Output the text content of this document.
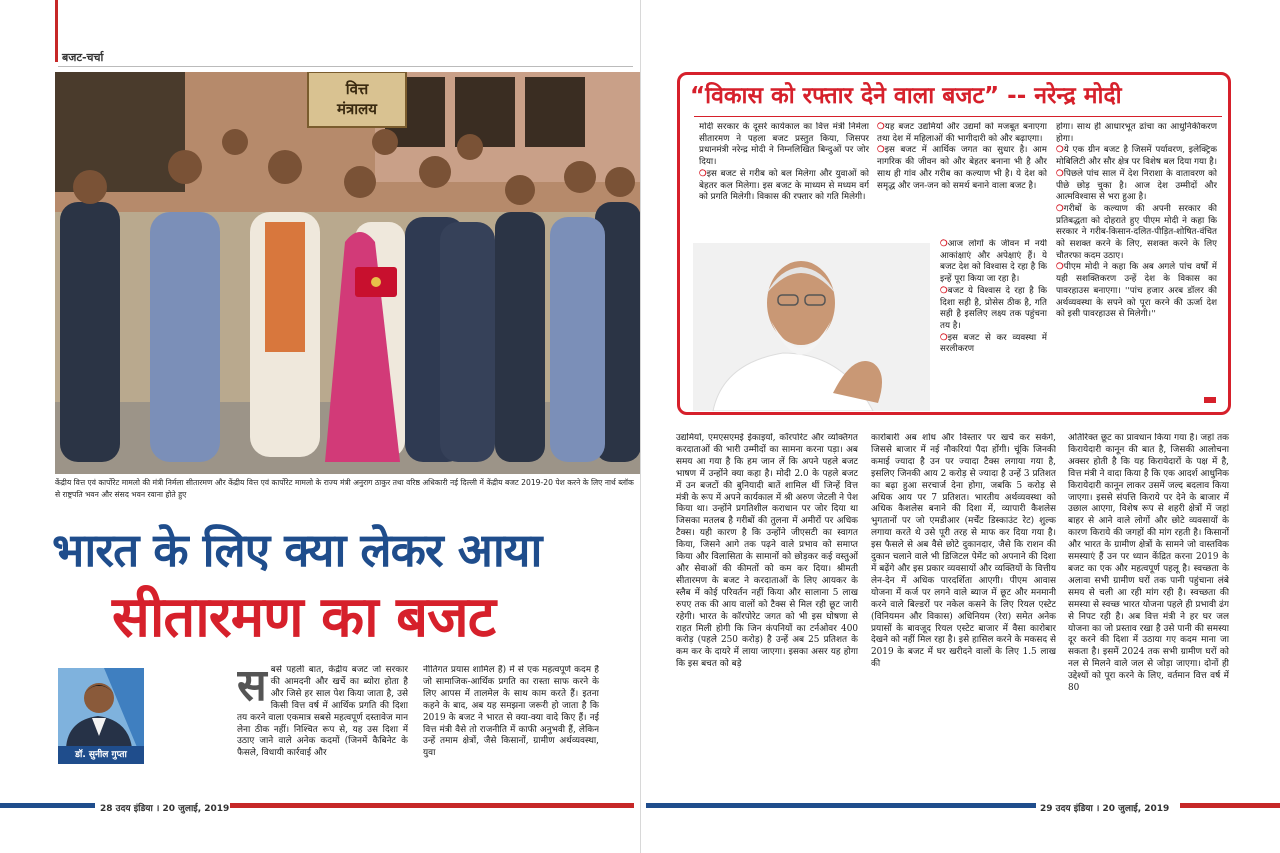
बजट-चर्चा
वित्त
मंत्रालय
केंद्रीय वित्त एवं कार्पोरेट मामलो की मंत्री निर्मला सीतारमण और केंद्रीय वित्त एवं कार्पोरेट मामलो के राज्य मंत्री अनुराग ठाकुर तथा वरिष्ठ अधिकारी नई दिल्ली में केंद्रीय बजट 2019-20 पेश करने के लिए नार्थ ब्लॉक से राष्ट्रपति भवन और संसद भवन रवाना होते हुए
भारत के लिए क्या लेकर आया
सीतारमण का बजट
डॉ. सुनील गुप्ता
स बसे पहली बात, केंद्रीय बजट जो सरकार की आमदनी और खर्चे का ब्योरा होता है और जिसे हर साल पेश किया जाता है, उसे किसी वित्त वर्ष में आर्थिक प्रगति की दिशा तय करने वाला एकमात्र सबसे महत्वपूर्ण दस्तावेज मान लेना ठीक नहीं। निश्चित रूप से, यह उस दिशा में उठाए जाने वाले अनेक कदमों (जिनमें कैबिनेट के फैसले, विधायी कार्रवाई और
नीतिगत प्रयास शामिल हैं) में से एक महत्वपूर्ण कदम है जो सामाजिक-आर्थिक प्रगति का रास्ता साफ करने के लिए आपस में तालमेल के साथ काम करते हैं। इतना कहने के बाद, अब यह समझना जरूरी हो जाता है कि 2019 के बजट ने भारत से क्या-क्या वादे किए हैं। नई वित्त मंत्री वैसे तो राजनीति में काफी अनुभवी हैं, लेकिन उन्हें तमाम क्षेत्रों, जैसे किसानों, ग्रामीण अर्थव्यवस्था, युवा
28 उदय इंडिया । 20 जुलाई, 2019
“विकास को रफ्तार देने वाला बजट” -- नरेन्द्र मोदी
मोदी सरकार के दूसरे कार्यकाल का वित्त मंत्री निर्मला सीतारमण ने पहला बजट प्रस्तुत किया, जिसपर प्रधानमंत्री नरेन्द्र मोदी ने निम्नलिखित बिन्दुओं पर जोर दिया।
❍ इस बजट से गरीब को बल मिलेगा और युवाओं को बेहतर कल मिलेगा। इस बजट के माध्यम से मध्यम वर्ग को प्रगति मिलेगी। विकास की रफ्तार को गति मिलेगी।
❍ यह बजट उद्यमियों और उद्यमों को मजबूत बनाएगा तथा देश में महिलाओं की भागीदारी को और बढ़ाएगा।
❍ इस बजट में आर्थिक जगत का सुधार है। आम नागरिक की जीवन को और बेहतर बनाना भी है और साथ ही गांव और गरीब का कल्याण भी है। ये देश को समृद्ध और जन-जन को समर्थ बनाने वाला बजट है।
❍ आज लोगों के जीवन में नयी आकांक्षाएं और अपेक्षाएं हैं। ये बजट देश को विश्वास दे रहा है कि इन्हें पूरा किया जा रहा है।
❍ बजट ये विश्वास दे रहा है कि दिशा सही है, प्रोसेस ठीक है, गति सही है इसलिए लक्ष्य तक पहुंचना तय है।
❍ इस बजट से कर व्यवस्था में सरलीकरण
होगा। साथ ही आधारभूत ढांचा का आधुनिकीकरण होगा।
❍ ये एक ग्रीन बजट है जिसमें पर्यावरण, इलेक्ट्रिक मोबिलिटी और सौर क्षेत्र पर विशेष बल दिया गया है।
❍ पिछले पांच साल में देश निराशा के वातावरण को पीछे छोड़ चुका है। आज देश उम्मीदों और आत्मविश्वास से भरा हुआ है।
❍ गरीबों के कल्याण की अपनी सरकार की प्रतिबद्धता को दोहराते हुए पीएम मोदी ने कहा कि सरकार ने गरीब-किसान-दलित-पीड़ित-शोषित-वंचित को सशक्त करने के लिए, सशक्त करने के लिए चौतरफा कदम उठाए।
❍ पीएम मोदी ने कहा कि अब अगले पांच वर्षों में यही सशक्तिकरण उन्हें देश के विकास का पावरहाउस बनाएगा। ''पांच हजार अरब डॉलर की अर्थव्यवस्था के सपने को पूरा करने की ऊर्जा देश को इसी पावरहाउस से मिलेगी।''
उद्यमियों, एमएसएमई ईकाइयों, कॉरपोरेट और व्यक्तिगत करदाताओं की भारी उम्मीदों का सामना करना पड़ा। अब समय आ गया है कि हम जान लें कि अपने पहले बजट भाषण में उन्होंने क्या कहा है। मोदी 2.0 के पहले बजट में उन बजटों की बुनियादी बातें शामिल थीं जिन्हें वित्त मंत्री के रूप में अपने कार्यकाल में श्री अरुण जेटली ने पेश किया था। उन्होंने प्रगतिशील कराधान पर जोर दिया था जिसका मतलब है गरीबों की तुलना में अमीरों पर अधिक टैक्स। यही कारण है कि उन्होंने जीएसटी का स्वागत किया, जिसने आगे तक पढ़ने वाले प्रभाव को समाप्त किया और विलासिता के सामानों को छोड़कर कई वस्तुओं और सेवाओं की कीमतों को कम कर दिया। श्रीमती सीतारमण के बजट ने करदाताओं के लिए आयकर के स्लैब में कोई परिवर्तन नहीं किया और सालाना 5 लाख रुपए तक की आय वालों को टैक्स से मिल रही छूट जारी रहेगी। भारत के कॉरपोरेट जगत को भी इस घोषणा से राहत मिली होगी कि जिन कंपनियों का टर्नओवर 400 करोड़ (पहले 250 करोड़) है उन्हें अब 25 प्रतिशत के कम कर के दायरे में लाया जाएगा। इसका असर यह होगा कि इस बचत को बड़े
कारोबारी अब शोध और विस्तार पर खर्च कर सकेंगे, जिससे बाजार में नई नौकरियां पैदा होंगी। चूंकि जिनकी कमाई ज्यादा है उन पर ज्यादा टैक्स लगाया गया है, इसलिए जिनकी आय 2 करोड़ से ज्यादा है उन्हें 3 प्रतिशत का बढ़ा हुआ सरचार्ज देना होगा, जबकि 5 करोड़ से अधिक आय पर 7 प्रतिशत। भारतीय अर्थव्यवस्था को अधिक कैशलेस बनाने की दिशा में, व्यापारी कैशलेस भुगतानों पर जो एमडीआर (मर्चेंट डिस्काउंट रेट) शुल्क लगाया करते थे उसे पूरी तरह से माफ कर दिया गया है। इस फैसले से अब वैसे छोटे दुकानदार, जैसे कि राशन की दुकान चलाने वाले भी डिजिटल पेमेंट को अपनाने की दिशा में बढ़ेंगे और इस प्रकार व्यवसायों और व्यक्तियों के वित्तीय लेन-देन में अधिक पारदर्शिता आएगी। पीएम आवास योजना में कर्ज पर लगने वाले ब्याज में छूट और मनमानी करने वाले बिल्डरों पर नकेल कसने के लिए रियल एस्टेट (विनियमन और विकास) अधिनियम (रेरा) समेत अनेक प्रयासों के बावजूद रियल एस्टेट बाजार में वैसा कारोबार देखने को नहीं मिल रहा है। इसे हासिल करने के मकसद से 2019 के बजट में घर खरीदने वालों के लिए 1.5 लाख की
अतिरिक्त छूट का प्रावधान किया गया है। जहां तक किरायेदारी कानून की बात है, जिसकी आलोचना अक्सर होती है कि यह किरायेदारों के पक्ष में है, वित्त मंत्री ने वादा किया है कि एक आदर्श आधुनिक किरायेदारी कानून लाकर उसमें जल्द बदलाव किया जाएगा। इससे संपत्ति किराये पर देने के बाजार में उछाल आएगा, विशेष रूप से शहरी क्षेत्रों में जहां बाहर से आने वाले लोगों और छोटे व्यवसायों के कारण किराये की जगहों की मांग रहती है। किसानों और भारत के ग्रामीण क्षेत्रों के सामने जो वास्तविक समस्याएं हैं उन पर ध्यान केंद्रित करना 2019 के बजट का एक और महत्वपूर्ण पहलू है। स्वच्छता के अलावा सभी ग्रामीण घरों तक पानी पहुंचाना लंबे समय से चली आ रही मांग रही है। स्वच्छता की समस्या से स्वच्छ भारत योजना पहले ही प्रभावी ढंग से निपट रही है। अब वित्त मंत्री ने हर घर जल योजना का जो प्रस्ताव रखा है उसे पानी की समस्या दूर करने की दिशा में उठाया गए कदम माना जा सकता है। इसमें 2024 तक सभी ग्रामीण घरों को नल से मिलने वाले जल से जोड़ा जाएगा। दोनों ही उद्देश्यों को पूरा करने के लिए, वर्तमान वित्त वर्ष में 80
29 उदय इंडिया । 20 जुलाई, 2019
